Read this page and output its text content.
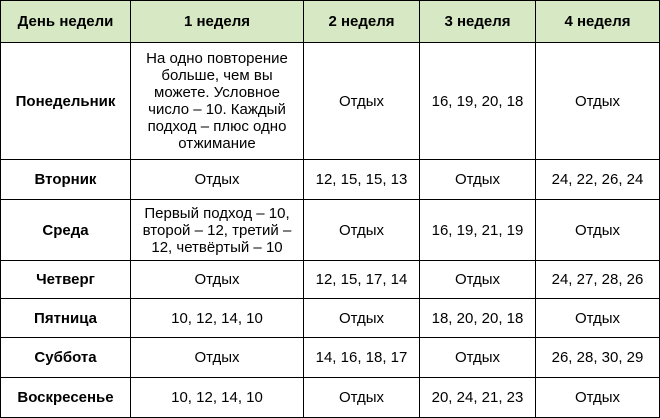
День недели	1 неделя	2 неделя	3 неделя	4 неделя
Понедельник	На одно повторение больше, чем вы можете. Условное число – 10. Каждый подход – плюс одно отжимание	Отдых	16, 19, 20, 18	Отдых
Вторник	Отдых	12, 15, 15, 13	Отдых	24, 22, 26, 24
Среда	Первый подход – 10, второй – 12, третий – 12, четвёртый – 10	Отдых	16, 19, 21, 19	Отдых
Четверг	Отдых	12, 15, 17, 14	Отдых	24, 27, 28, 26
Пятница	10, 12, 14, 10	Отдых	18, 20, 20, 18	Отдых
Суббота	Отдых	14, 16, 18, 17	Отдых	26, 28, 30, 29
Воскресенье	10, 12, 14, 10	Отдых	20, 24, 21, 23	Отдых
